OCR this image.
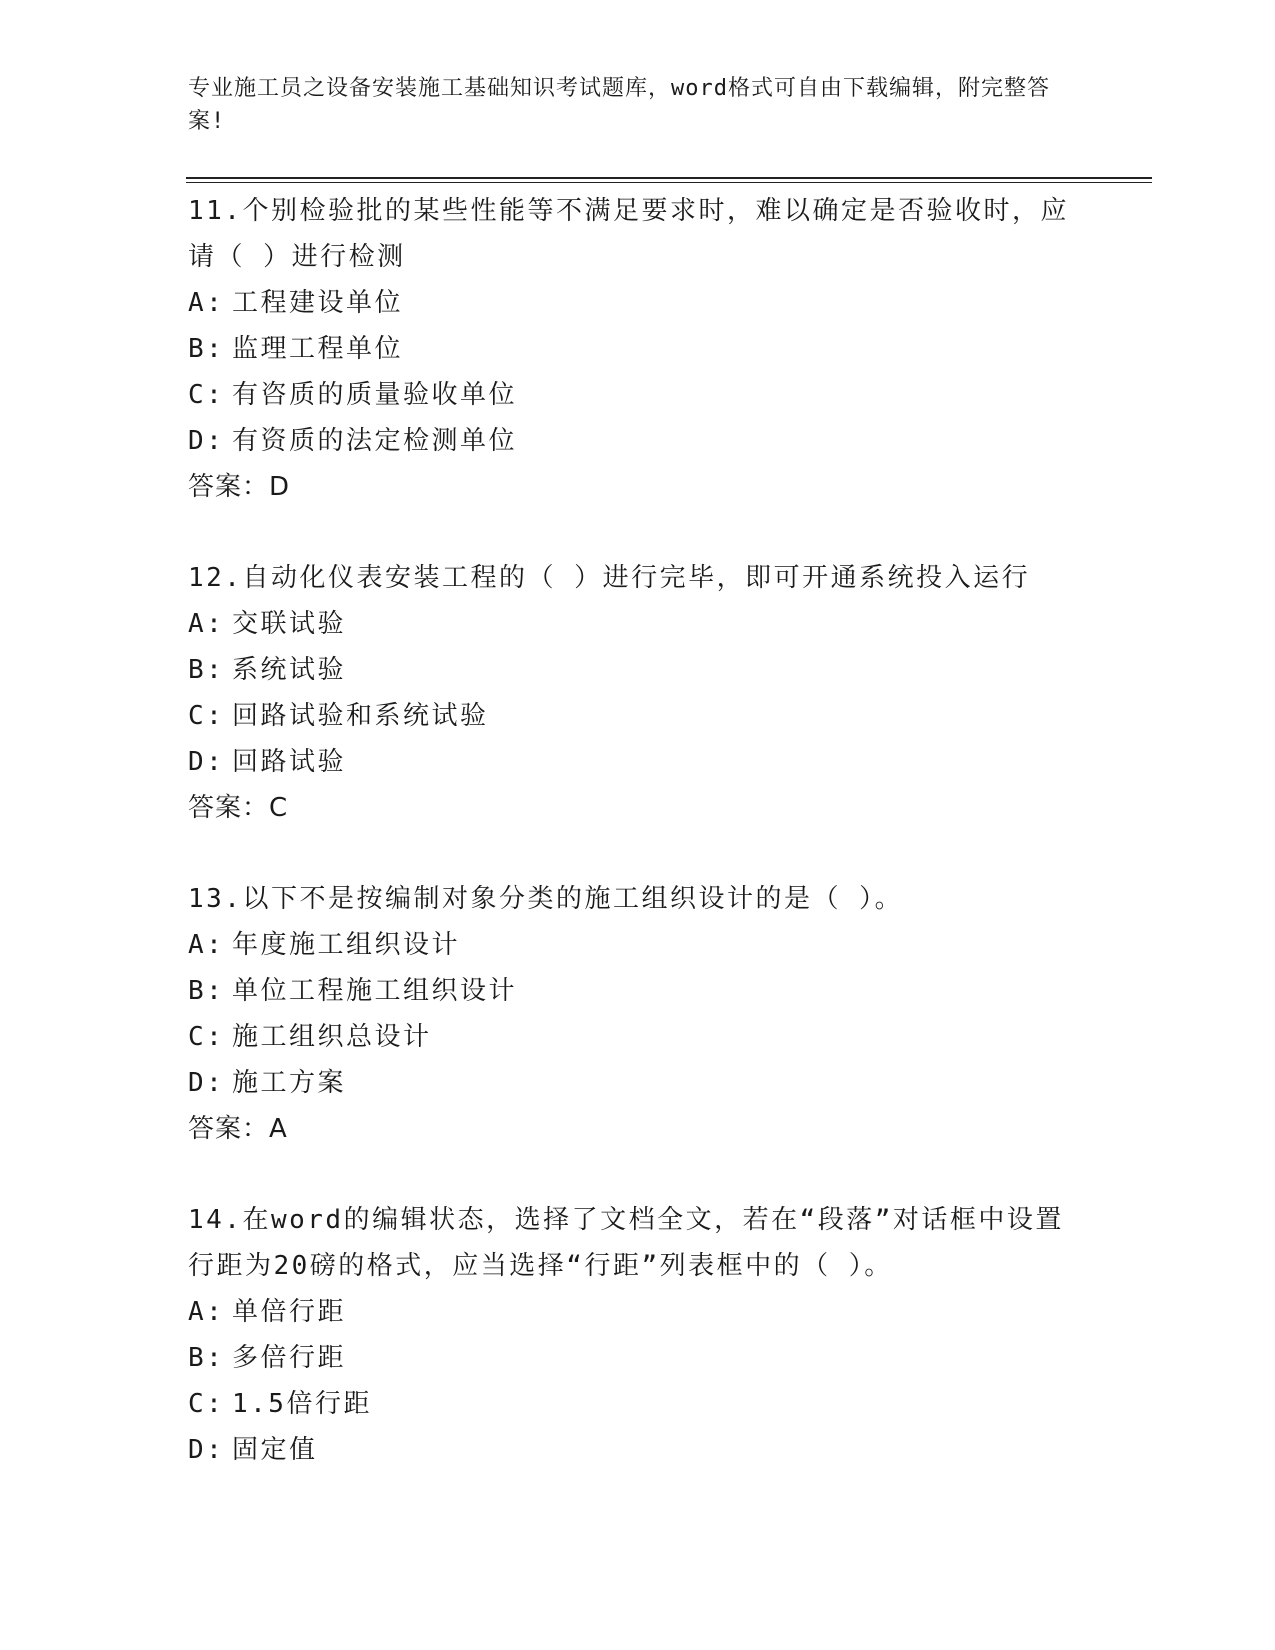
专业施工员之设备安装施工基础知识考试题库，word格式可自由下载编辑，附完整答案!

11.个别检验批的某些性能等不满足要求时，难以确定是否验收时，应请（ ）进行检测

A: 工程建设单位

B: 监理工程单位

C: 有咨质的质量验收单位

D: 有资质的法定检测单位

答案：D

12.自动化仪表安装工程的（ ）进行完毕，即可开通系统投入运行

A: 交联试验

B: 系统试验

C: 回路试验和系统试验

D: 回路试验

答案：C

13.以下不是按编制对象分类的施工组织设计的是（ ）。

A: 年度施工组织设计

B: 单位工程施工组织设计

C: 施工组织总设计

D: 施工方案

答案：A

14.在word的编辑状态，选择了文档全文，若在“段落”对话框中设置行距为20磅的格式，应当选择“行距”列表框中的（ ）。

A: 单倍行距

B: 多倍行距

C: 1.5倍行距

D: 固定值
